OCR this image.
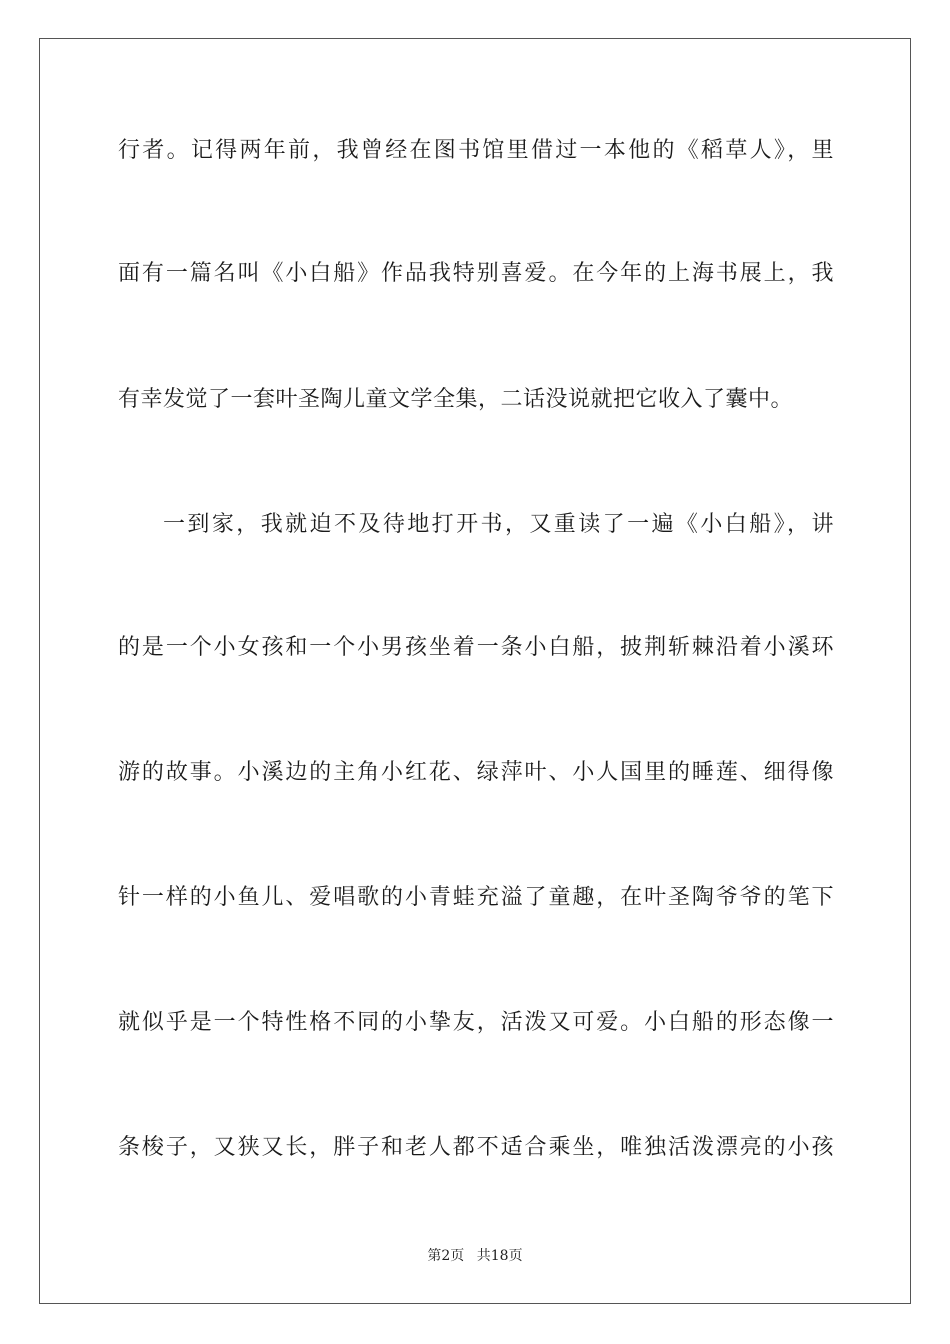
行者。记得两年前，我曾经在图书馆里借过一本他的《稻草人》，里
面有一篇名叫《小白船》作品我特别喜爱。在今年的上海书展上，我
有幸发觉了一套叶圣陶儿童文学全集，二话没说就把它收入了囊中。
一到家，我就迫不及待地打开书，又重读了一遍《小白船》，讲
的是一个小女孩和一个小男孩坐着一条小白船，披荆斩棘沿着小溪环
游的故事。小溪边的主角小红花、绿萍叶、小人国里的睡莲、细得像
针一样的小鱼儿、爱唱歌的小青蛙充溢了童趣，在叶圣陶爷爷的笔下
就似乎是一个特性格不同的小挚友，活泼又可爱。小白船的形态像一
条梭子，又狭又长，胖子和老人都不适合乘坐，唯独活泼漂亮的小孩
第2页 共18页
